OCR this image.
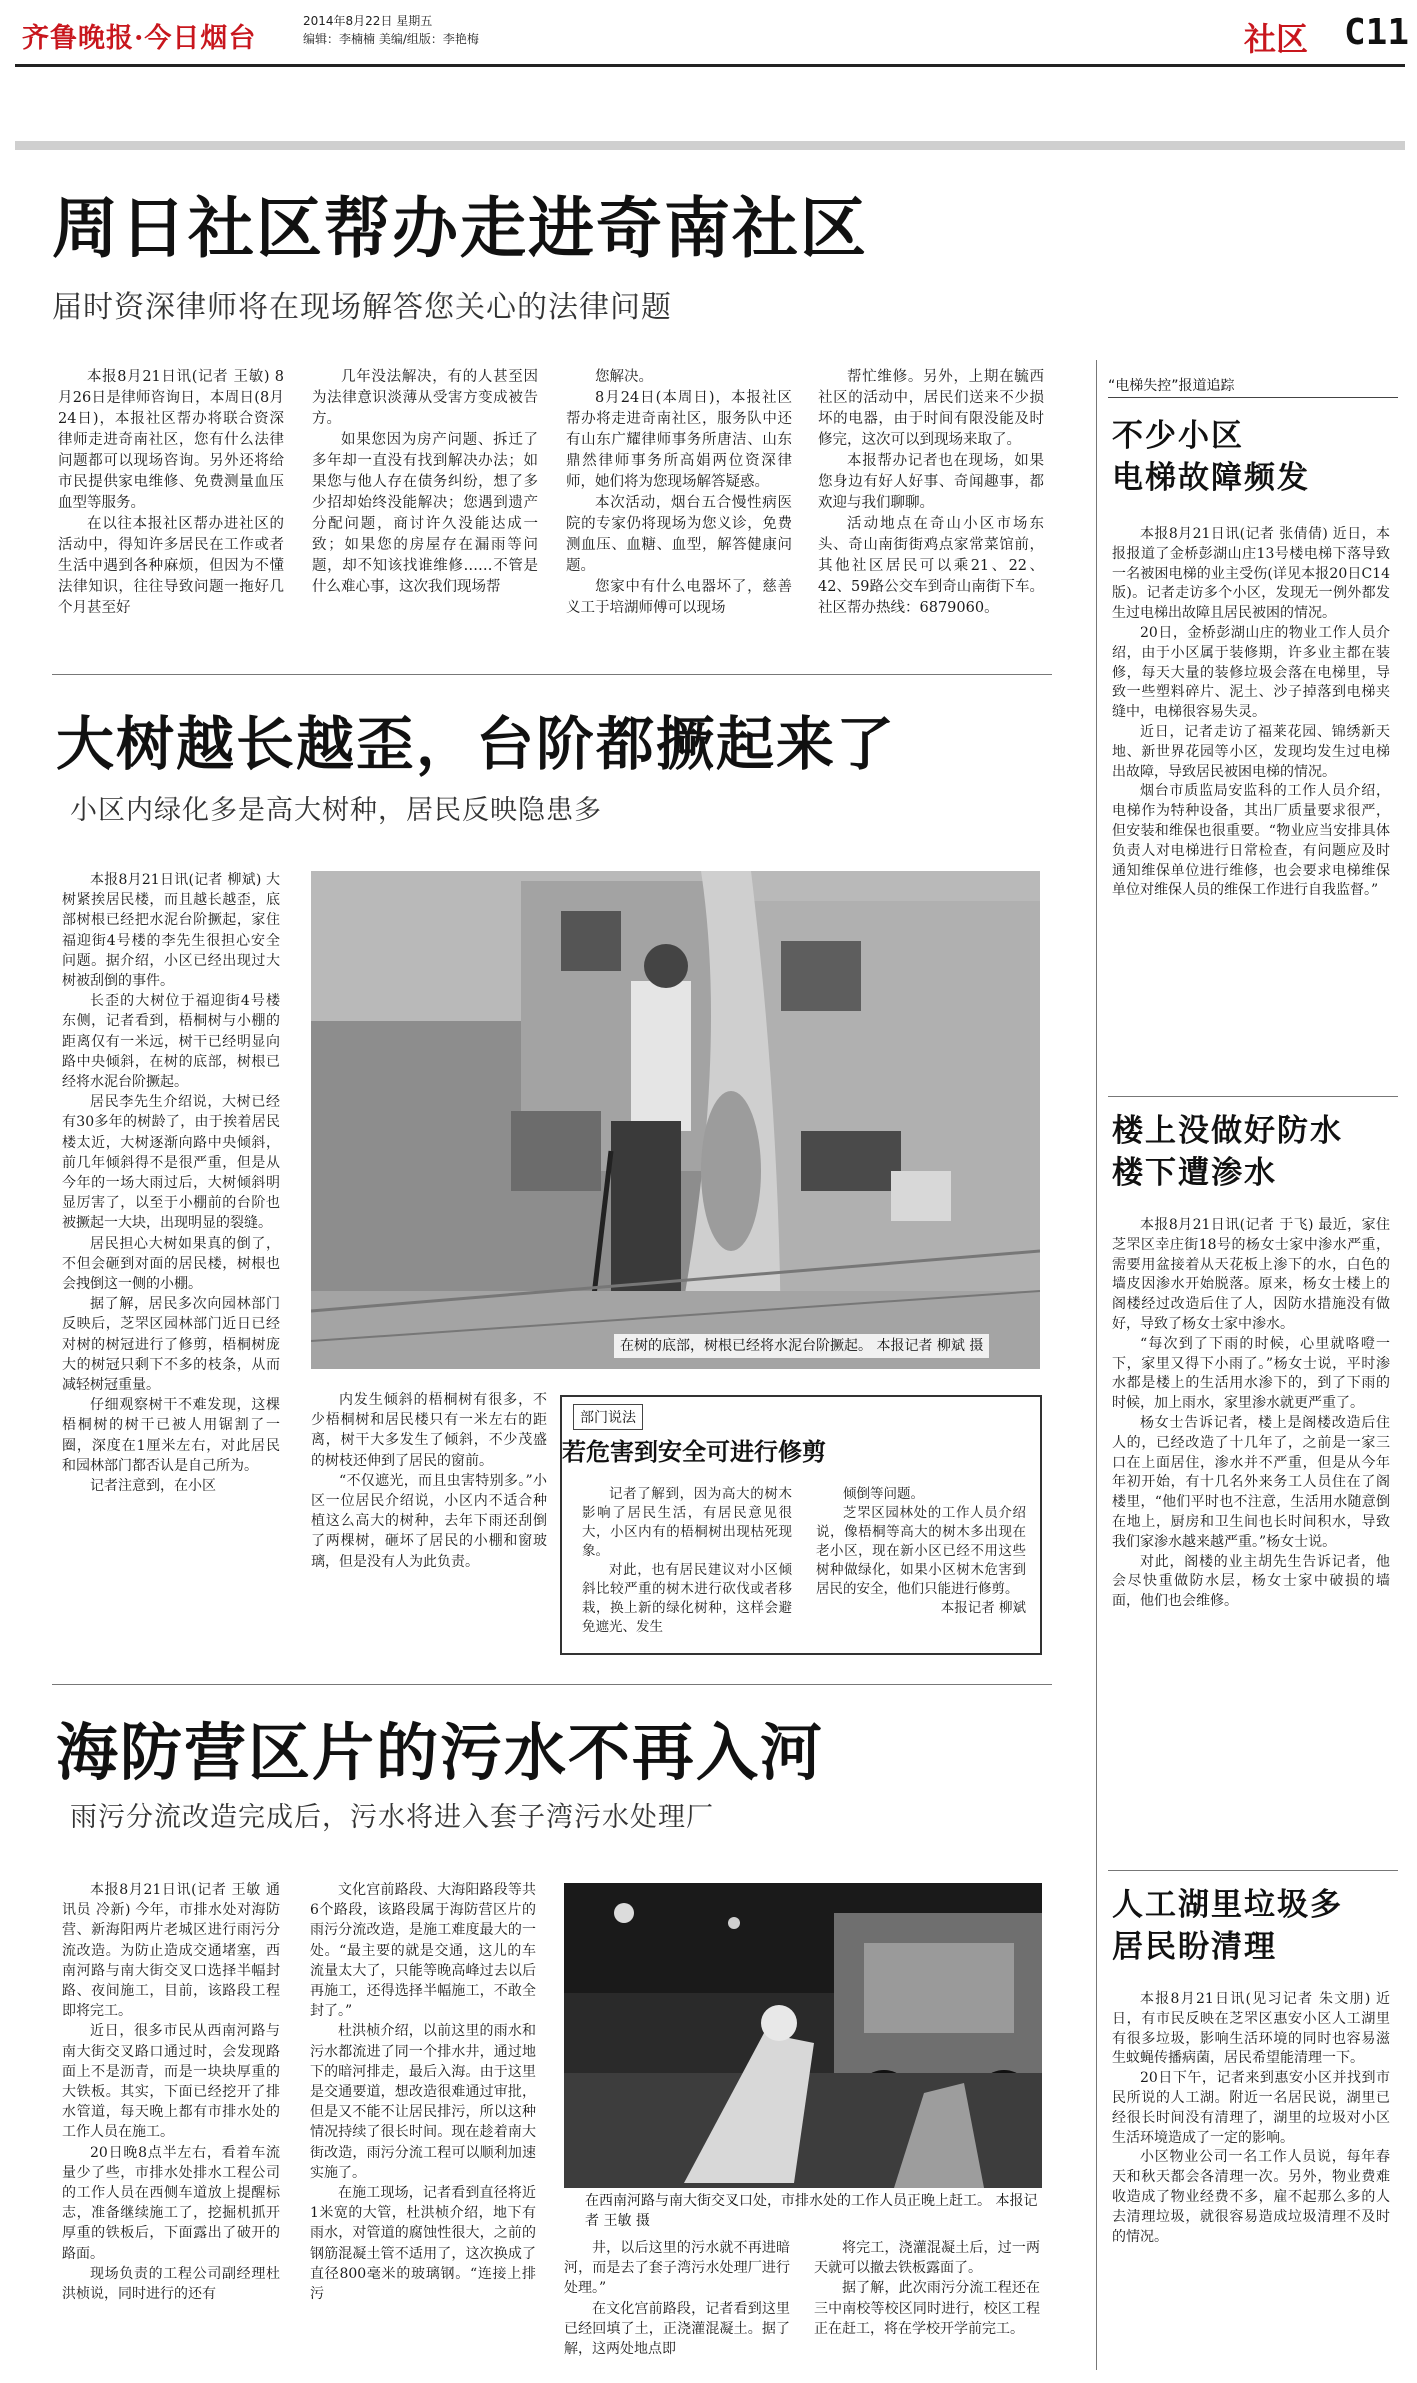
齐鲁晚报·今日烟台
2014年8月22日 星期五
编辑：李楠楠 美编/组版：李艳梅	社区 C11
周日社区帮办走进奇南社区
届时资深律师将在现场解答您关心的法律问题

本报8月21日讯(记者 王敏) 8月26日是律师咨询日，本周日(8月24日)，本报社区帮办将联合资深律师走进奇南社区，您有什么法律问题都可以现场咨询。另外还将给市民提供家电维修、免费测量血压血型等服务。

在以往本报社区帮办进社区的活动中，得知许多居民在工作或者生活中遇到各种麻烦，但因为不懂法律知识，往往导致问题一拖好几个月甚至好

几年没法解决，有的人甚至因为法律意识淡薄从受害方变成被告方。

如果您因为房产问题、拆迁了多年却一直没有找到解决办法；如果您与他人存在债务纠纷，想了多少招却始终没能解决；您遇到遗产分配问题，商讨许久没能达成一致；如果您的房屋存在漏雨等问题，却不知该找谁维修……不管是什么难心事，这次我们现场帮

您解决。

8月24日(本周日)，本报社区帮办将走进奇南社区，服务队中还有山东广耀律师事务所唐洁、山东鼎然律师事务所高娟两位资深律师，她们将为您现场解答疑惑。

本次活动，烟台五合慢性病医院的专家仍将现场为您义诊，免费测血压、血糖、血型，解答健康问题。

您家中有什么电器坏了，慈善义工于培湖师傅可以现场

帮忙维修。另外，上期在毓西社区的活动中，居民们送来不少损坏的电器，由于时间有限没能及时修完，这次可以到现场来取了。

本报帮办记者也在现场，如果您身边有好人好事、奇闻趣事，都欢迎与我们聊聊。

活动地点在奇山小区市场东头、奇山南街街鸡点家常菜馆前，其他社区居民可以乘21、22、42、59路公交车到奇山南街下车。社区帮办热线：6879060。

大树越长越歪，台阶都撅起来了
小区内绿化多是高大树种，居民反映隐患多

本报8月21日讯(记者 柳斌) 大树紧挨居民楼，而且越长越歪，底部树根已经把水泥台阶撅起，家住福迎街4号楼的李先生很担心安全问题。据介绍，小区已经出现过大树被刮倒的事件。

长歪的大树位于福迎街4号楼东侧，记者看到，梧桐树与小棚的距离仅有一米远，树干已经明显向路中央倾斜，在树的底部，树根已经将水泥台阶撅起。

居民李先生介绍说，大树已经有30多年的树龄了，由于挨着居民楼太近，大树逐渐向路中央倾斜，前几年倾斜得不是很严重，但是从今年的一场大雨过后，大树倾斜明显厉害了，以至于小棚前的台阶也被撅起一大块，出现明显的裂缝。

居民担心大树如果真的倒了，不但会砸到对面的居民楼，树根也会拽倒这一侧的小棚。

据了解，居民多次向园林部门反映后，芝罘区园林部门近日已经对树的树冠进行了修剪，梧桐树庞大的树冠只剩下不多的枝条，从而减轻树冠重量。

仔细观察树干不难发现，这棵梧桐树的树干已被人用锯割了一圈，深度在1厘米左右，对此居民和园林部门都否认是自己所为。

记者注意到，在小区

在树的底部，树根已经将水泥台阶撅起。 本报记者 柳斌 摄

内发生倾斜的梧桐树有很多，不少梧桐树和居民楼只有一米左右的距离，树干大多发生了倾斜，不少茂盛的树枝还伸到了居民的窗前。

“不仅遮光，而且虫害特别多。”小区一位居民介绍说，小区内不适合种植这么高大的树种，去年下雨还刮倒了两棵树，砸坏了居民的小棚和窗玻璃，但是没有人为此负责。

部门说法
若危害到安全可进行修剪

记者了解到，因为高大的树木影响了居民生活，有居民意见很大，小区内有的梧桐树出现枯死现象。

对此，也有居民建议对小区倾斜比较严重的树木进行砍伐或者移栽，换上新的绿化树种，这样会避免遮光、发生

倾倒等问题。

芝罘区园林处的工作人员介绍说，像梧桐等高大的树木多出现在老小区，现在新小区已经不用这些树种做绿化，如果小区树木危害到居民的安全，他们只能进行修剪。

本报记者 柳斌
海防营区片的污水不再入河
雨污分流改造完成后，污水将进入套子湾污水处理厂

本报8月21日讯(记者 王敏 通讯员 冷新) 今年，市排水处对海防营、新海阳两片老城区进行雨污分流改造。为防止造成交通堵塞，西南河路与南大街交叉口选择半幅封路、夜间施工，目前，该路段工程即将完工。

近日，很多市民从西南河路与南大街交叉路口通过时，会发现路面上不是沥青，而是一块块厚重的大铁板。其实，下面已经挖开了排水管道，每天晚上都有市排水处的工作人员在施工。

20日晚8点半左右，看着车流量少了些，市排水处排水工程公司的工作人员在西侧车道放上提醒标志，准备继续施工了，挖掘机抓开厚重的铁板后，下面露出了破开的路面。

现场负责的工程公司副经理杜洪桢说，同时进行的还有

文化宫前路段、大海阳路段等共6个路段，该路段属于海防营区片的雨污分流改造，是施工难度最大的一处。“最主要的就是交通，这儿的车流量太大了，只能等晚高峰过去以后再施工，还得选择半幅施工，不敢全封了。”

杜洪桢介绍，以前这里的雨水和污水都流进了同一个排水井，通过地下的暗河排走，最后入海。由于这里是交通要道，想改造很难通过审批，但是又不能不让居民排污，所以这种情况持续了很长时间。现在趁着南大街改造，雨污分流工程可以顺利加速实施了。

在施工现场，记者看到直径将近1米宽的大管，杜洪桢介绍，地下有雨水，对管道的腐蚀性很大，之前的钢筋混凝土管不适用了，这次换成了直径800毫米的玻璃钢。“连接上排污

在西南河路与南大街交叉口处，市排水处的工作人员正晚上赶工。 本报记者 王敏 摄

井，以后这里的污水就不再进暗河，而是去了套子湾污水处理厂进行处理。”

在文化宫前路段，记者看到这里已经回填了土，正浇灌混凝土。据了解，这两处地点即

将完工，浇灌混凝土后，过一两天就可以撤去铁板露面了。

据了解，此次雨污分流工程还在三中南校等校区同时进行，校区工程正在赶工，将在学校开学前完工。

“电梯失控”报道追踪
不少小区
电梯故障频发

本报8月21日讯(记者 张倩倩) 近日，本报报道了金桥彭湖山庄13号楼电梯下落导致一名被困电梯的业主受伤(详见本报20日C14版)。记者走访多个小区，发现无一例外都发生过电梯出故障且居民被困的情况。

20日，金桥彭湖山庄的物业工作人员介绍，由于小区属于装修期，许多业主都在装修，每天大量的装修垃圾会落在电梯里，导致一些塑料碎片、泥土、沙子掉落到电梯夹缝中，电梯很容易失灵。

近日，记者走访了福莱花园、锦绣新天地、新世界花园等小区，发现均发生过电梯出故障，导致居民被困电梯的情况。

烟台市质监局安监科的工作人员介绍，电梯作为特种设备，其出厂质量要求很严，但安装和维保也很重要。“物业应当安排具体负责人对电梯进行日常检查，有问题应及时通知维保单位进行维修，也会要求电梯维保单位对维保人员的维保工作进行自我监督。”

楼上没做好防水
楼下遭渗水

本报8月21日讯(记者 于飞) 最近，家住芝罘区幸庄街18号的杨女士家中渗水严重，需要用盆接着从天花板上渗下的水，白色的墙皮因渗水开始脱落。原来，杨女士楼上的阁楼经过改造后住了人，因防水措施没有做好，导致了杨女士家中渗水。

“每次到了下雨的时候，心里就咯噔一下，家里又得下小雨了。”杨女士说，平时渗水都是楼上的生活用水渗下的，到了下雨的时候，加上雨水，家里渗水就更严重了。

杨女士告诉记者，楼上是阁楼改造后住人的，已经改造了十几年了，之前是一家三口在上面居住，渗水并不严重，但是从今年年初开始，有十几名外来务工人员住在了阁楼里，“他们平时也不注意，生活用水随意倒在地上，厨房和卫生间也长时间积水，导致我们家渗水越来越严重。”杨女士说。

对此，阁楼的业主胡先生告诉记者，他会尽快重做防水层，杨女士家中破损的墙面，他们也会维修。

人工湖里垃圾多
居民盼清理

本报8月21日讯(见习记者 朱文朋) 近日，有市民反映在芝罘区惠安小区人工湖里有很多垃圾，影响生活环境的同时也容易滋生蚊蝇传播病菌，居民希望能清理一下。

20日下午，记者来到惠安小区并找到市民所说的人工湖。附近一名居民说，湖里已经很长时间没有清理了，湖里的垃圾对小区生活环境造成了一定的影响。

小区物业公司一名工作人员说，每年春天和秋天都会各清理一次。另外，物业费难收造成了物业经费不多，雇不起那么多的人去清理垃圾，就很容易造成垃圾清理不及时的情况。
